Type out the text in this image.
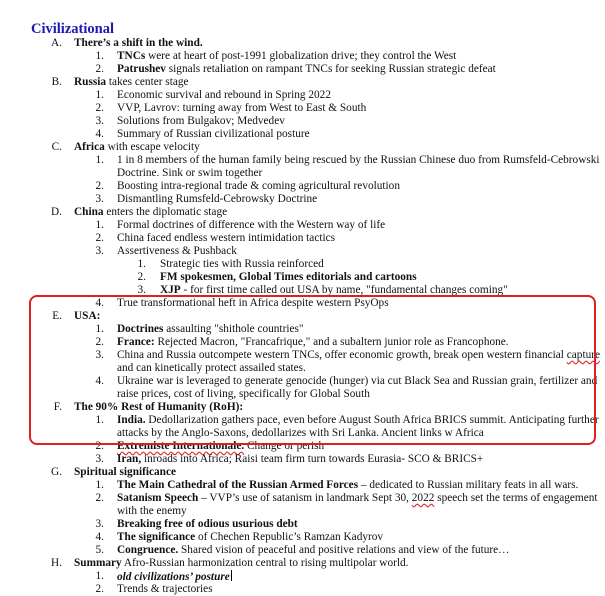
Civilizational
A. There’s a shift in the wind.
1. TNCs were at heart of post-1991 globalization drive; they control the West
2. Patrushev signals retaliation on rampant TNCs for seeking Russian strategic defeat
B. Russia takes center stage
1. Economic survival and rebound in Spring 2022
2. VVP, Lavrov: turning away from West to East & South
3. Solutions from Bulgakov; Medvedev
4. Summary of Russian civilizational posture
C. Africa with escape velocity
1. 1 in 8 members of the human family being rescued by the Russian Chinese duo from Rumsfeld-Cebrowski
Doctrine. Sink or swim together
2. Boosting intra-regional trade & coming agricultural revolution
3. Dismantling Rumsfeld-Cebrowsky Doctrine
D. China enters the diplomatic stage
1. Formal doctrines of difference with the Western way of life
2. China faced endless western intimidation tactics
3. Assertiveness & Pushback
1. Strategic ties with Russia reinforced
2. FM spokesmen, Global Times editorials and cartoons
3. XJP - for first time called out USA by name, "fundamental changes coming"
4. True transformational heft in Africa despite western PsyOps
E. USA:
1. Doctrines assaulting "shithole countries"
2. France: Rejected Macron, "Francafrique," and a subaltern junior role as Francophone.
3. China and Russia outcompete western TNCs, offer economic growth, break open western financial capture
and can kinetically protect assailed states.
4. Ukraine war is leveraged to generate genocide (hunger) via cut Black Sea and Russian grain, fertilizer and
raise prices, cost of living, specifically for Global South
F. The 90% Rest of Humanity (RoH):
1. India. Dedollarization gathers pace, even before August South Africa BRICS summit. Anticipating further
attacks by the Anglo-Saxons, dedollarizes with Sri Lanka. Ancient links w Africa
2. Extremiste Internationale. Change or perish
3. Iran, inroads into Africa; Raisi team firm turn towards Eurasia- SCO & BRICS+
G. Spiritual significance
1. The Main Cathedral of the Russian Armed Forces – dedicated to Russian military feats in all wars.
2. Satanism Speech – VVP’s use of satanism in landmark Sept 30, 2022 speech set the terms of engagement
with the enemy
3. Breaking free of odious usurious debt
4. The significance of Chechen Republic’s Ramzan Kadyrov
5. Congruence. Shared vision of peaceful and positive relations and view of the future…
H. Summary Afro-Russian harmonization central to rising multipolar world.
1. old civilizations’ posture
2. Trends & trajectories
